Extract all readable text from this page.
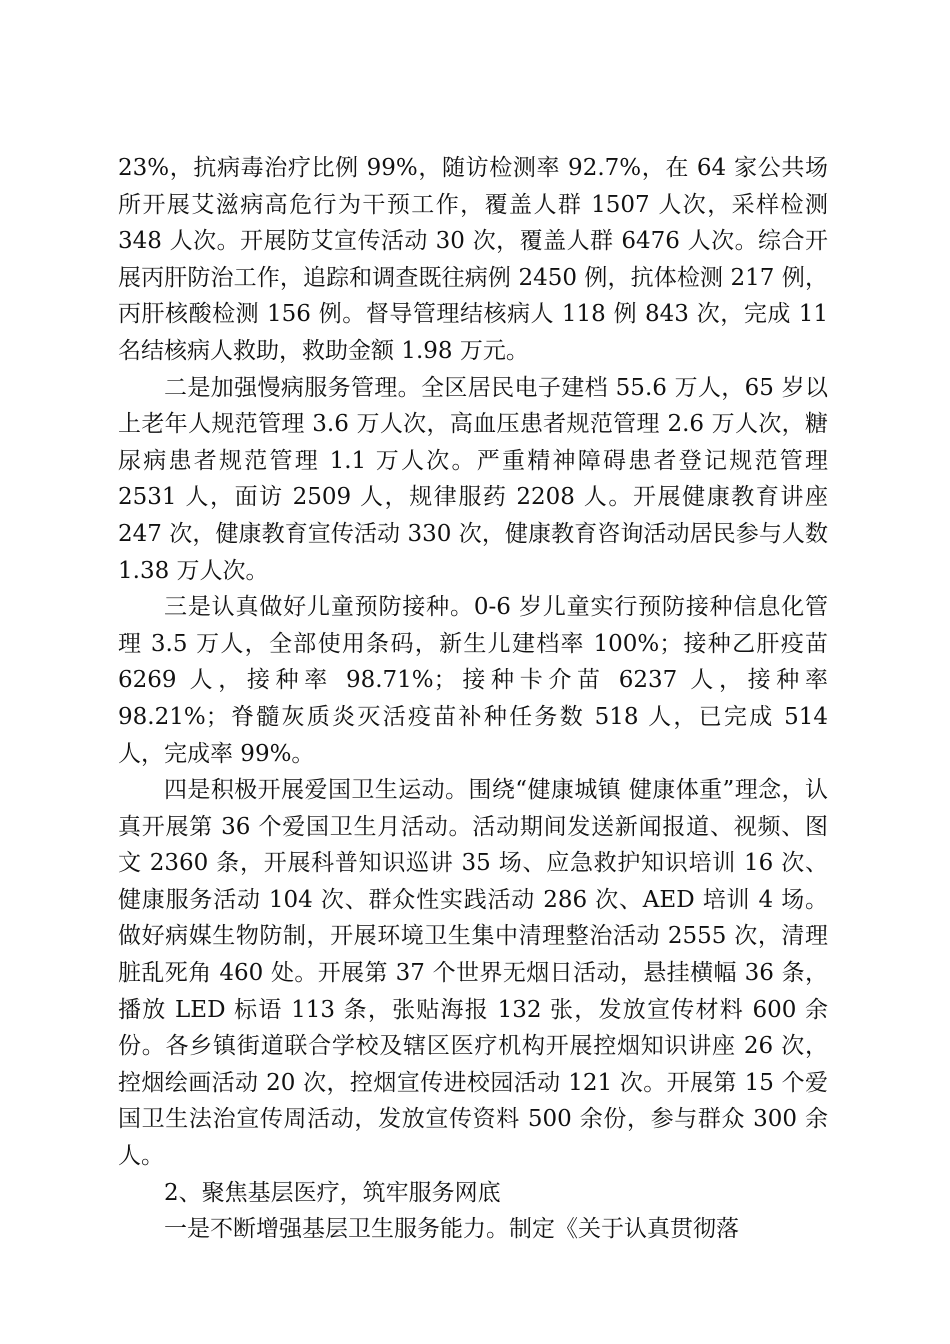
23%，抗病毒治疗比例 99%，随访检测率 92.7%，在 64 家公共场所开展艾滋病高危行为干预工作，覆盖人群 1507 人次，采样检测 348 人次。开展防艾宣传活动 30 次，覆盖人群 6476 人次。综合开展丙肝防治工作，追踪和调查既往病例 2450 例，抗体检测 217 例，丙肝核酸检测 156 例。督导管理结核病人 118 例 843 次，完成 11 名结核病人救助，救助金额 1.98 万元。

二是加强慢病服务管理。全区居民电子建档 55.6 万人，65 岁以上老年人规范管理 3.6 万人次，高血压患者规范管理 2.6 万人次，糖尿病患者规范管理 1.1 万人次。严重精神障碍患者登记规范管理 2531 人，面访 2509 人，规律服药 2208 人。开展健康教育讲座 247 次，健康教育宣传活动 330 次，健康教育咨询活动居民参与人数 1.38 万人次。

三是认真做好儿童预防接种。0-6 岁儿童实行预防接种信息化管理 3.5 万人，全部使用条码，新生儿建档率 100%；接种乙肝疫苗 6269 人，接种率 98.71%；接种卡介苗 6237 人，接种率 98.21%；脊髓灰质炎灭活疫苗补种任务数 518 人，已完成 514 人，完成率 99%。

四是积极开展爱国卫生运动。围绕“健康城镇 健康体重”理念，认真开展第 36 个爱国卫生月活动。活动期间发送新闻报道、视频、图文 2360 条，开展科普知识巡讲 35 场、应急救护知识培训 16 次、健康服务活动 104 次、群众性实践活动 286 次、AED 培训 4 场。做好病媒生物防制，开展环境卫生集中清理整治活动 2555 次，清理脏乱死角 460 处。开展第 37 个世界无烟日活动，悬挂横幅 36 条，播放 LED 标语 113 条，张贴海报 132 张，发放宣传材料 600 余份。各乡镇街道联合学校及辖区医疗机构开展控烟知识讲座 26 次，控烟绘画活动 20 次，控烟宣传进校园活动 121 次。开展第 15 个爱国卫生法治宣传周活动，发放宣传资料 500 余份，参与群众 300 余人。

2、聚焦基层医疗，筑牢服务网底

一是不断增强基层卫生服务能力。制定《关于认真贯彻落
